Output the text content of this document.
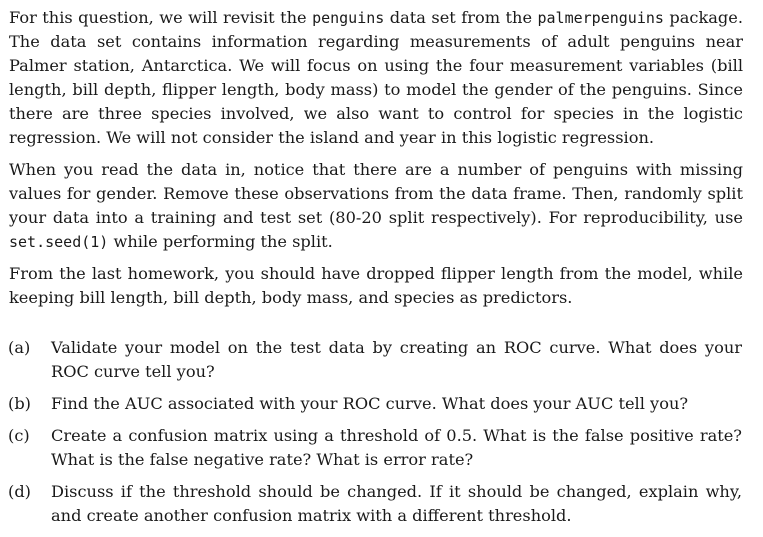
For this question, we will revisit the penguins data set from the palmerpenguins package. The data set contains information regarding measurements of adult penguins near Palmer station, Antarctica. We will focus on using the four measurement variables (bill length, bill depth, flipper length, body mass) to model the gender of the penguins. Since there are three species involved, we also want to control for species in the logistic regression. We will not consider the island and year in this logistic regression.

When you read the data in, notice that there are a number of penguins with missing values for gender. Remove these observations from the data frame. Then, randomly split your data into a training and test set (80-20 split respectively). For reproducibility, use set.seed(1) while performing the split.

From the last homework, you should have dropped flipper length from the model, while keeping bill length, bill depth, body mass, and species as predictors.

(a) Validate your model on the test data by creating an ROC curve. What does your ROC curve tell you?
(b) Find the AUC associated with your ROC curve. What does your AUC tell you?
(c) Create a confusion matrix using a threshold of 0.5. What is the false positive rate? What is the false negative rate? What is error rate?
(d) Discuss if the threshold should be changed. If it should be changed, explain why, and create another confusion matrix with a different threshold.
